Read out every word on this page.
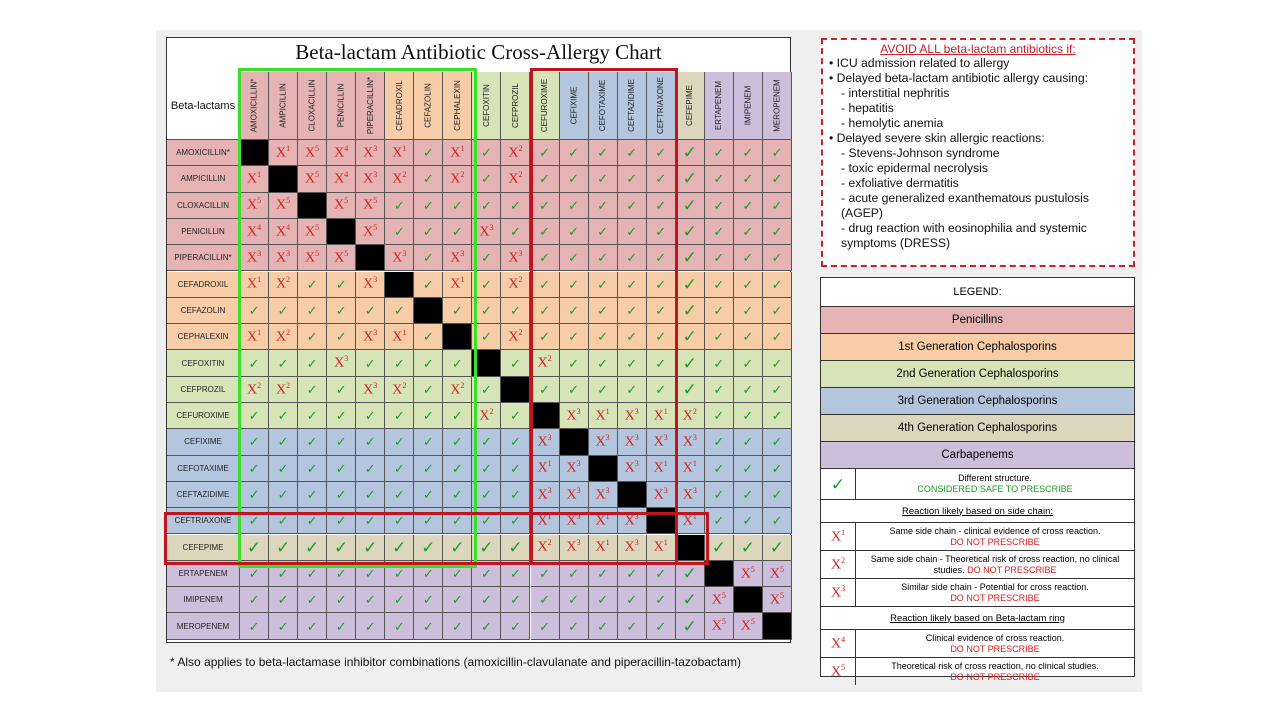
Beta-lactam Antibiotic Cross-Allergy Chart
Beta-lactams	AMOXICILLIN*	AMPICILLIN	CLOXACILLIN	PENICILLIN	PIPERACILLIN*	CEFADROXIL	CEFAZOLIN	CEPHALEXIN	CEFOXITIN	CEFPROZIL	CEFUROXIME	CEFIXIME	CEFOTAXIME	CEFTAZIDIME	CEFTRIAXONE	CEFEPIME	ERTAPENEM	IMIPENEM	MEROPENEM
AMOXICILLIN*	$X^1$ $X^5$ $X^4$ $X^3$ $X^1$ ✓ $X^1$ ✓ $X^2$ ✓ ✓ ✓ ✓ ✓ ✓ ✓ ✓ ✓
AMPICILLIN	$X^1$	$X^5$ $X^4$ $X^3$ $X^2$ ✓ $X^2$ ✓ $X^2$ ✓ ✓ ✓ ✓ ✓ ✓ ✓ ✓ ✓
CLOXACILLIN	$X^5$ $X^5$	$X^5$ $X^5$ ✓ ✓ ✓ ✓ ✓ ✓ ✓ ✓ ✓ ✓ ✓ ✓ ✓ ✓
PENICILLIN	$X^4$ $X^4$ $X^5$	$X^5$ ✓ ✓ ✓ $X^3$ ✓ ✓ ✓ ✓ ✓ ✓ ✓ ✓ ✓ ✓
PIPERACILLIN*	$X^3$ $X^3$ $X^5$ $X^5$	$X^3$ ✓ $X^3$ ✓ $X^3$ ✓ ✓ ✓ ✓ ✓ ✓ ✓ ✓ ✓
CEFADROXIL	$X^1$ $X^2$ ✓ ✓ $X^3$	✓ $X^1$ ✓ $X^2$ ✓ ✓ ✓ ✓ ✓ ✓ ✓ ✓ ✓
CEFAZOLIN	✓ ✓ ✓ ✓ ✓ ✓	✓ ✓ ✓ ✓ ✓ ✓ ✓ ✓ ✓ ✓ ✓ ✓
CEPHALEXIN	$X^1$ $X^2$ ✓ ✓ $X^3$ $X^1$ ✓	✓ $X^2$ ✓ ✓ ✓ ✓ ✓ ✓ ✓ ✓ ✓
CEFOXITIN	✓ ✓ ✓ $X^3$ ✓ ✓ ✓ ✓	✓ $X^2$ ✓ ✓ ✓ ✓ ✓ ✓ ✓ ✓
CEFPROZIL	$X^2$ $X^2$ ✓ ✓ $X^3$ $X^2$ ✓ $X^2$ ✓	✓ ✓ ✓ ✓ ✓ ✓ ✓ ✓ ✓
CEFUROXIME	✓ ✓ ✓ ✓ ✓ ✓ ✓ ✓ $X^2$ ✓	$X^3$ $X^1$ $X^3$ $X^1$ $X^2$ ✓ ✓ ✓
CEFIXIME	✓ ✓ ✓ ✓ ✓ ✓ ✓ ✓ ✓ ✓ $X^3$	$X^3$ $X^3$ $X^3$ $X^3$ ✓ ✓ ✓
CEFOTAXIME	✓ ✓ ✓ ✓ ✓ ✓ ✓ ✓ ✓ ✓ $X^1$ $X^3$	$X^3$ $X^1$ $X^1$ ✓ ✓ ✓
CEFTAZIDIME	✓ ✓ ✓ ✓ ✓ ✓ ✓ ✓ ✓ ✓ $X^3$ $X^3$ $X^3$	$X^3$ $X^3$ ✓ ✓ ✓
CEFTRIAXONE	✓ ✓ ✓ ✓ ✓ ✓ ✓ ✓ ✓ ✓ $X^1$ $X^3$ $X^1$ $X^3$	$X^1$ ✓ ✓ ✓
CEFEPIME	✓ ✓ ✓ ✓ ✓ ✓ ✓ ✓ ✓ ✓ $X^2$ $X^3$ $X^1$ $X^3$ $X^1$	✓ ✓ ✓
ERTAPENEM	✓ ✓ ✓ ✓ ✓ ✓ ✓ ✓ ✓ ✓ ✓ ✓ ✓ ✓ ✓ ✓	$X^5$ $X^5$
IMIPENEM	✓ ✓ ✓ ✓ ✓ ✓ ✓ ✓ ✓ ✓ ✓ ✓ ✓ ✓ ✓ ✓ $X^5$	$X^5$
MEROPENEM	✓ ✓ ✓ ✓ ✓ ✓ ✓ ✓ ✓ ✓ ✓ ✓ ✓ ✓ ✓ ✓ $X^5$ $X^5$
* Also applies to beta-lactamase inhibitor combinations (amoxicillin-clavulanate and piperacillin-tazobactam)
AVOID ALL beta-lactam antibiotics if:
• ICU admission related to allergy
• Delayed beta-lactam antibiotic allergy causing:
- interstitial nephritis
- hepatitis
- hemolytic anemia
• Delayed severe skin allergic reactions:
- Stevens-Johnson syndrome
- toxic epidermal necrolysis
- exfoliative dermatitis
- acute generalized exanthematous pustulosis
(AGEP)
- drug reaction with eosinophilia and systemic
symptoms (DRESS)
LEGEND:
Penicillins
1st Generation Cephalosporins
2nd Generation Cephalosporins
3rd Generation Cephalosporins
4th Generation Cephalosporins
Carbapenems
✓	Different structure.
CONSIDERED SAFE TO PRESCRIBE
Reaction likely based on side chain:
$X^1$	Same side chain - clinical evidence of cross reaction.
DO NOT PRESCRIBE
$X^2$	Same side chain - Theoretical risk of cross reaction, no clinical studies. DO NOT PRESCRIBE
$X^3$	Similar side chain - Potential for cross reaction.
DO NOT PRESCRIBE
Reaction likely based on Beta-lactam ring
$X^4$	Clinical evidence of cross reaction.
DO NOT PRESCRIBE
$X^5$	Theoretical risk of cross reaction, no clinical studies.
DO NOT PRESCRIBE
